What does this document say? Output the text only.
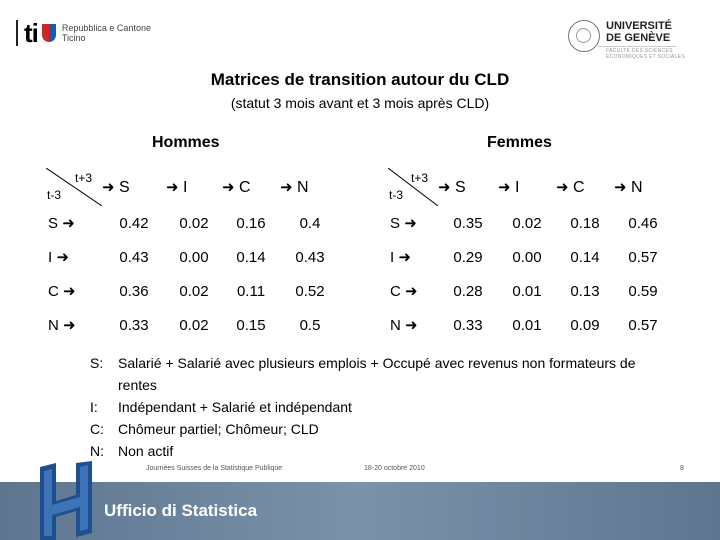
ti	Repubblica e Cantone
Ticino
UNIVERSITÉ
DE GENÈVE
FACULTÉ DES SCIENCES
ÉCONOMIQUES ET SOCIALES
Matrices de transition autour du CLD
(statut 3 mois avant et 3 mois après CLD)
Hommes	Femmes
t+3
t-3	➜ S	➜ I	➜ C	➜ N
S ➜	0.42	0.02	0.16	0.4
I ➜	0.43	0.00	0.14	0.43
C ➜	0.36	0.02	0.11	0.52
N ➜	0.33	0.02	0.15	0.5
t+3
t-3	➜ S	➜ I	➜ C	➜ N
S ➜	0.35	0.02	0.18	0.46
I ➜	0.29	0.00	0.14	0.57
C ➜	0.28	0.01	0.13	0.59
N ➜	0.33	0.01	0.09	0.57
S:	Salarié + Salarié avec plusieurs emplois + Occupé avec revenus non formateurs de rentes
I:	Indépendant + Salarié et indépendant
C:	Chômeur partiel; Chômeur; CLD
N:	Non actif
Journées Suisses de la Statistique Publique	18-20 octobre 2010	8
Ufficio di Statistica
